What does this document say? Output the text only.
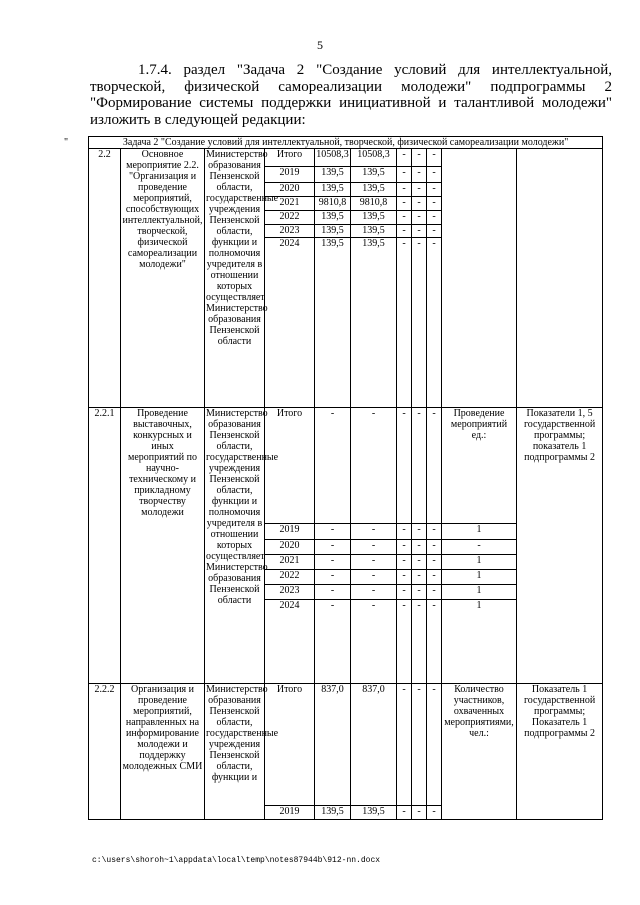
5

1.7.4. раздел "Задача 2 "Создание условий для интеллектуальной, творческой, физической самореализации молодежи" подпрограммы 2 "Формирование системы поддержки инициативной и талантливой молодежи" изложить в следующей редакции:

"	Задача 2 "Создание условий для интеллектуальной, творческой, физической самореализации молодежи"										
2.2	Основное мероприятие 2.2. "Организация и проведение мероприятий, способствующих интеллектуальной, творческой, физической самореализации молодежи"	Министерство образования Пензенской области, государственные учреждения Пензенской области, функции и полномочия учредителя в отношении которых осуществляет Министерство образования Пензенской области	Итого	10508,3	10508,3	-	-	-		
			2019	139,5	139,5	-	-	-		
			2020	139,5	139,5	-	-	-		
			2021	9810,8	9810,8	-	-	-		
			2022	139,5	139,5	-	-	-		
			2023	139,5	139,5	-	-	-		
			2024	139,5	139,5	-	-	-		
2.2.1	Проведение выставочных, конкурсных и иных мероприятий по научно-техническому и прикладному творчеству молодежи	Министерство образования Пензенской области, государственные учреждения Пензенской области, функции и полномочия учредителя в отношении которых осуществляет Министерство образования Пензенской области	Итого	-	-	-	-	-	Проведение мероприятий ед.:	Показатели 1, 5 государственной программы; показатель 1 подпрограммы 2
			2019	-	-	-	-	-	1	
			2020	-	-	-	-	-	-	
			2021	-	-	-	-	-	1	
			2022	-	-	-	-	-	1	
			2023	-	-	-	-	-	1	
			2024	-	-	-	-	-	1	
2.2.2	Организация и проведение мероприятий, направленных на информирование молодежи и поддержку молодежных СМИ	Министерство образования Пензенской области, государственные учреждения Пензенской области, функции и	Итого	837,0	837,0	-	-	-	Количество участников, охваченных мероприятиями, чел.:	Показатель 1 государственной программы; Показатель 1 подпрограммы 2
			2019	139,5	139,5	-	-	-		
c:\users\shoroh~1\appdata\local\temp\notes87944b\912-nn.docx
